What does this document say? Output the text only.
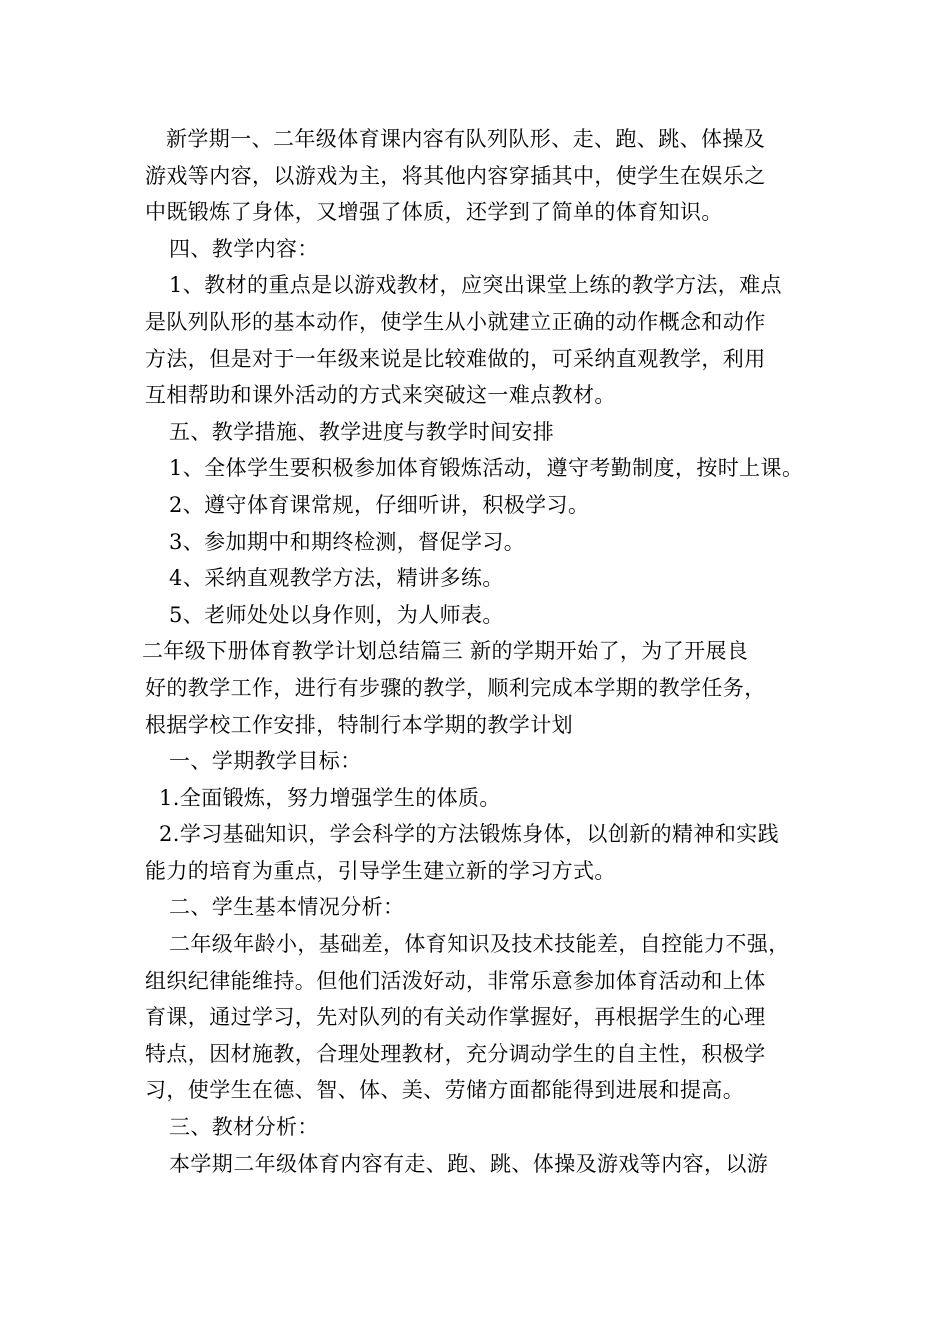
新学期一、二年级体育课内容有队列队形、走、跑、跳、体操及
游戏等内容，以游戏为主，将其他内容穿插其中，使学生在娱乐之
中既锻炼了身体，又增强了体质，还学到了简单的体育知识。
四、教学内容：
1、教材的重点是以游戏教材，应突出课堂上练的教学方法，难点
是队列队形的基本动作，使学生从小就建立正确的动作概念和动作
方法，但是对于一年级来说是比较难做的，可采纳直观教学，利用
互相帮助和课外活动的方式来突破这一难点教材。
五、教学措施、教学进度与教学时间安排
1、全体学生要积极参加体育锻炼活动，遵守考勤制度，按时上课。
2、遵守体育课常规，仔细听讲，积极学习。
3、参加期中和期终检测，督促学习。
4、采纳直观教学方法，精讲多练。
5、老师处处以身作则，为人师表。
二年级下册体育教学计划总结篇三 新的学期开始了，为了开展良
好的教学工作，进行有步骤的教学，顺利完成本学期的教学任务，
根据学校工作安排，特制行本学期的教学计划
一、学期教学目标：
1.全面锻炼，努力增强学生的体质。
2.学习基础知识，学会科学的方法锻炼身体，以创新的精神和实践
能力的培育为重点，引导学生建立新的学习方式。
二、学生基本情况分析：
二年级年龄小，基础差，体育知识及技术技能差，自控能力不强，
组织纪律能维持。但他们活泼好动，非常乐意参加体育活动和上体
育课，通过学习，先对队列的有关动作掌握好，再根据学生的心理
特点，因材施教，合理处理教材，充分调动学生的自主性，积极学
习，使学生在德、智、体、美、劳储方面都能得到进展和提高。
三、教材分析：
本学期二年级体育内容有走、跑、跳、体操及游戏等内容，以游
